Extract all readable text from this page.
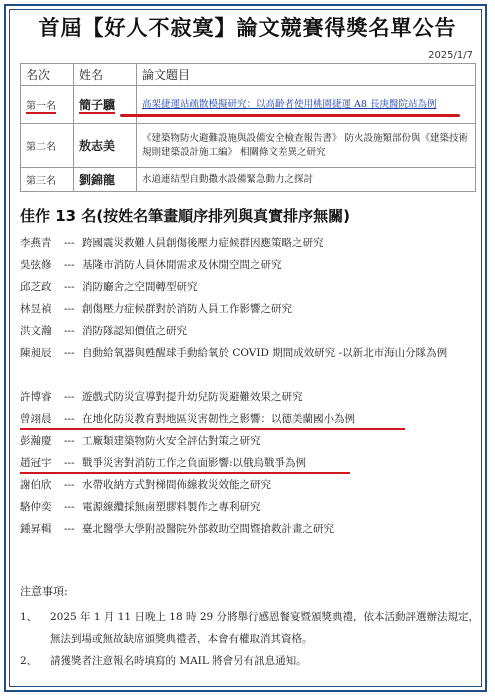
首屆【好人不寂寞】論文競賽得獎名單公告
2025/1/7
名次	姓名	論文題目
第一名	簡子驥	高架捷運站疏散模擬研究：以高齡者使用桃園捷運 A8 長庚醫院站為例
第二名	敖志美	《建築物防火避難設施與設備安全檢查報告書》 防火設施類部份與《建築技術規則建築設計施工編》 相關條文差異之研究
第三名	劉錦龍	水道連結型自動撒水設備緊急動力之探討
佳作 13 名(按姓名筆畫順序排列與真實排序無關)
李燕青	--- 跨國震災救難人員創傷後壓力症候群因應策略之研究
吳弦修	--- 基隆市消防人員休閒需求及休閒空間之研究
邱芝政	--- 消防廳舍之空間轉型研究
林昱禎	--- 創傷壓力症候群對於消防人員工作影響之研究
洪文瀚	--- 消防隊認知價值之研究
陳昶辰	--- 自動給氧器與甦醒球手動給氧於 COVID 期間成效研究 -以新北市海山分隊為例
許博睿	--- 遊戲式防災宣導對提升幼兒防災避難效果之研究
曾翊晨	--- 在地化防災教育對地區災害韌性之影響：以德美蘭國小為例
彭瀚慶	--- 工廠類建築物防火安全評估對策之研究
趙冠宇	--- 戰爭災害對消防工作之負面影響:以俄烏戰爭為例
謝伯欣	--- 水帶收納方式對梯間佈線救災效能之研究
駱仲奕	--- 電源線纜採無鹵塑膠料製作之專利研究
鍾昇輯	--- 臺北醫學大學附設醫院外部救助空間暨搶救計畫之研究
注意事項:
1、	2025 年 1 月 11 日晚上 18 時 29 分將舉行感恩餐宴暨頒獎典禮，依本活動評選辦法規定，無法到場或無故缺席頒獎典禮者，本會有權取消其資格。
2、	請獲獎者注意報名時填寫的 MAIL 將會另有訊息通知。
